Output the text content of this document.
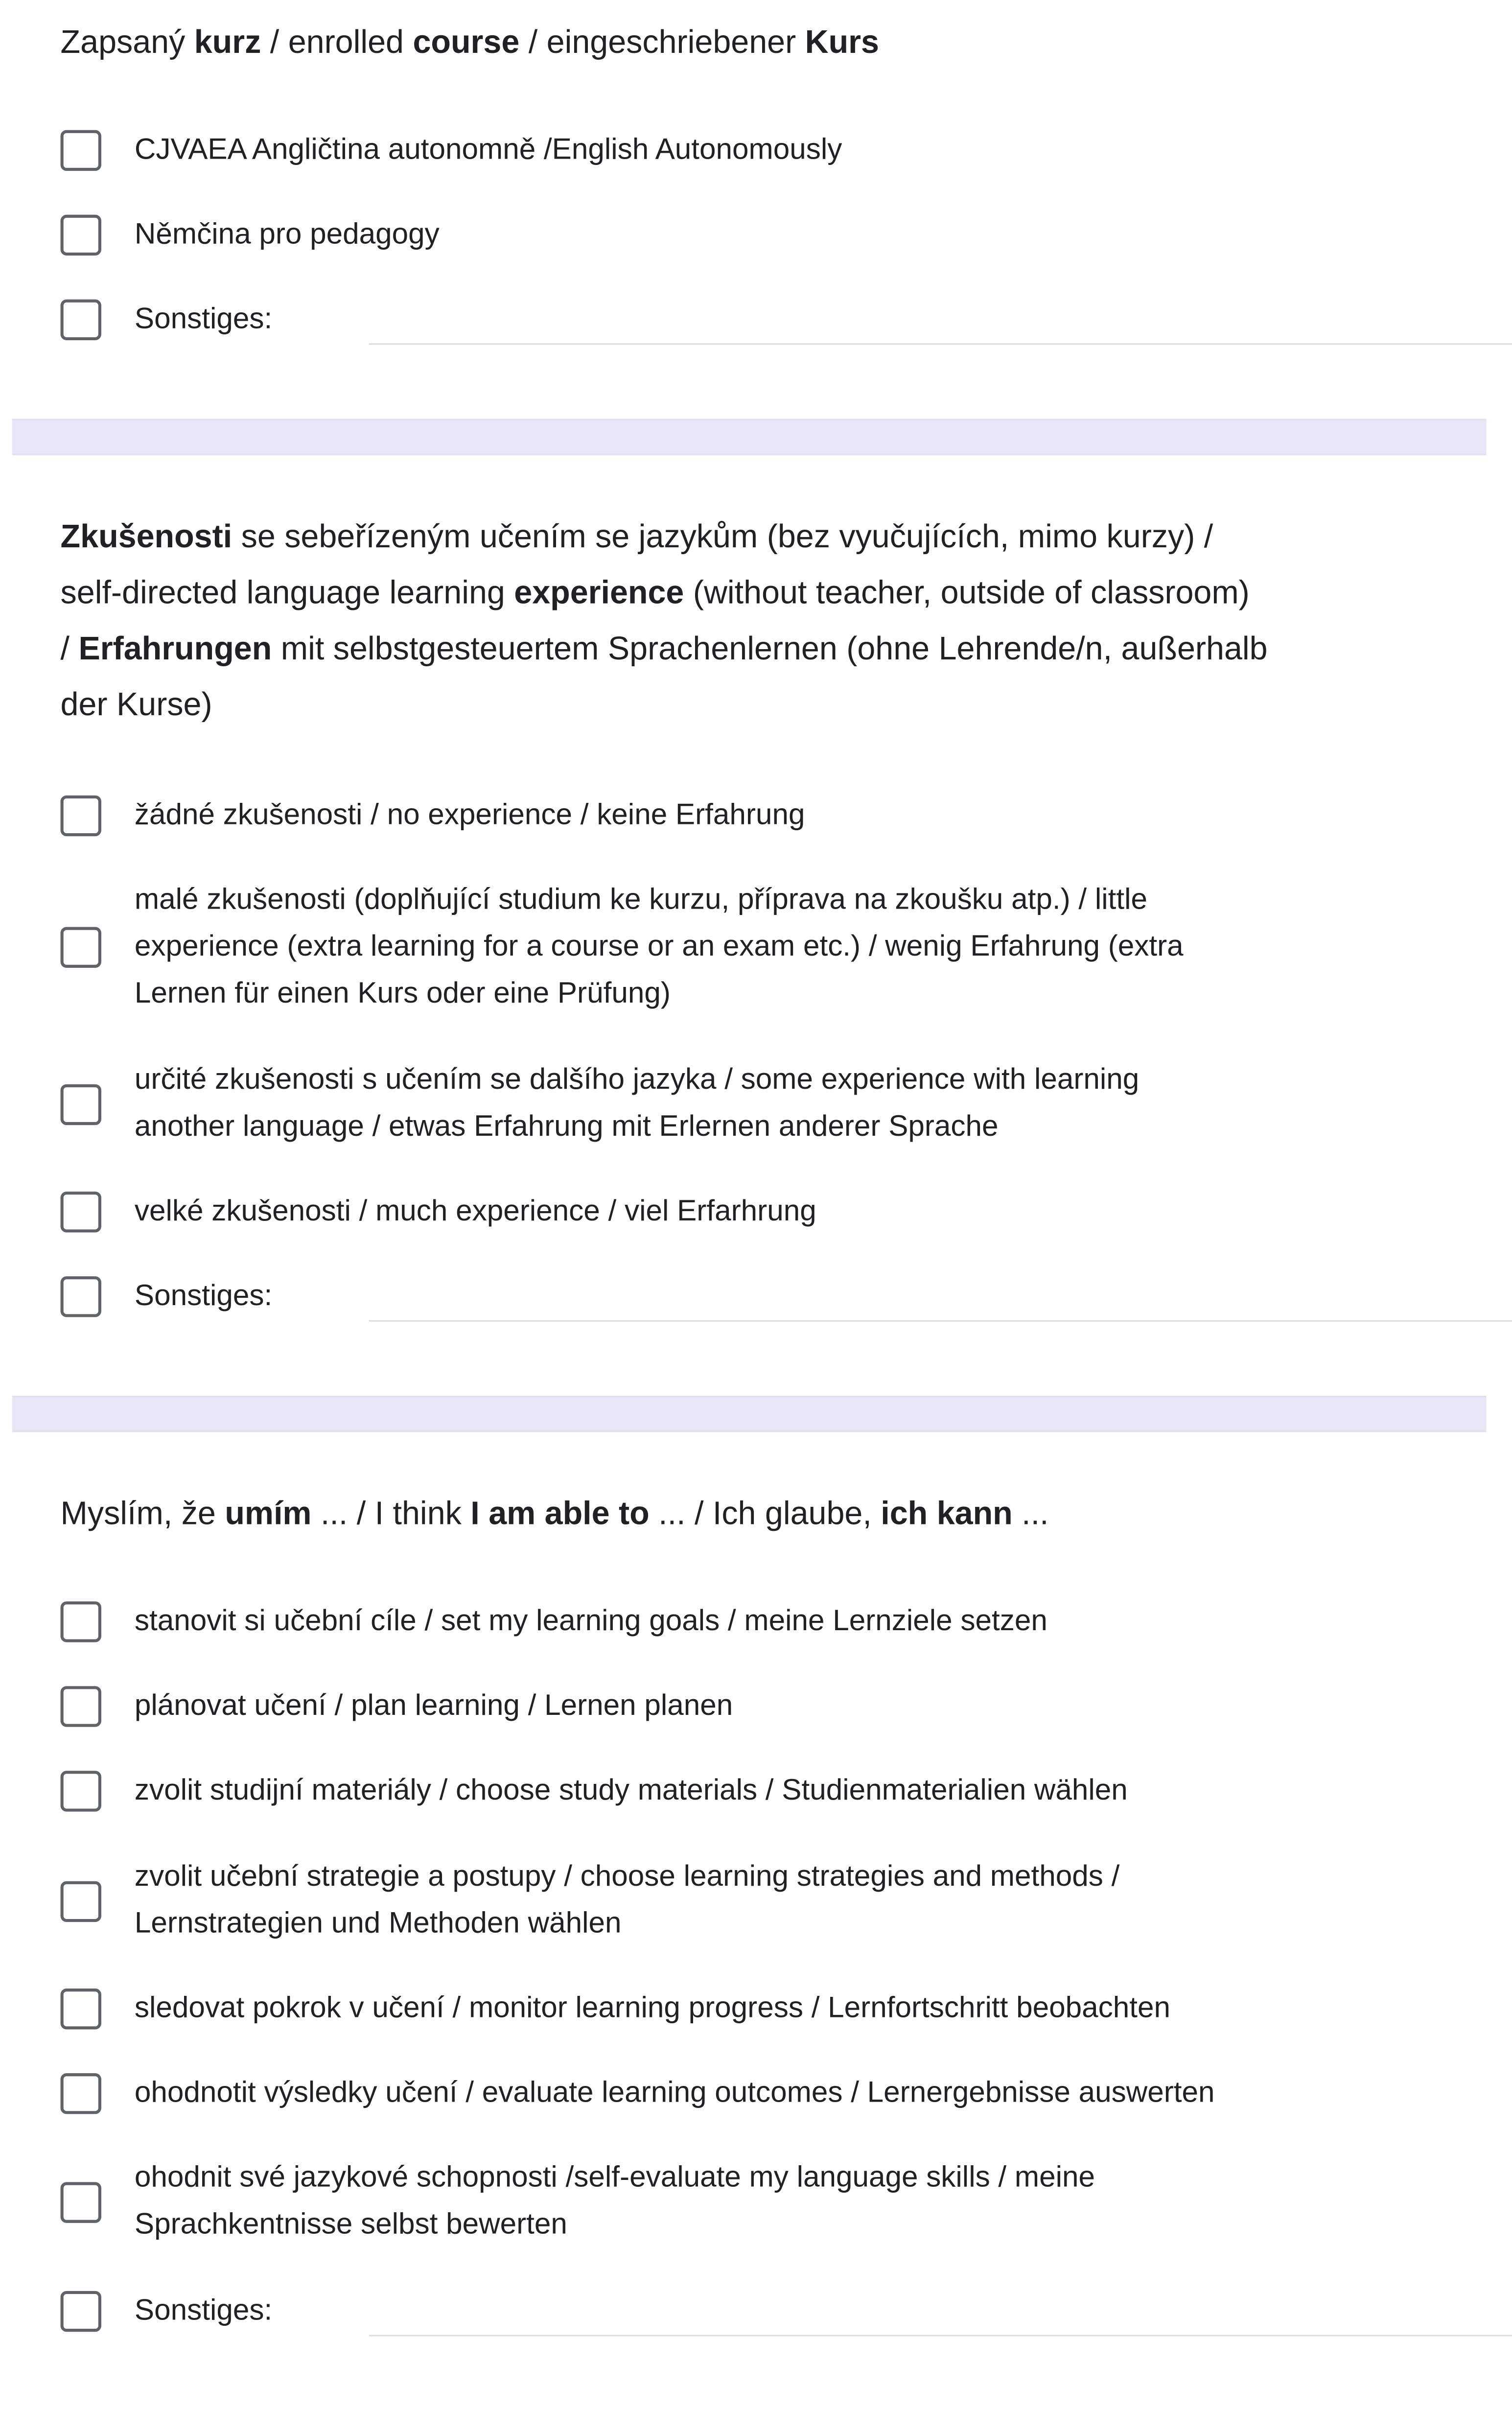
Zapsaný kurz / enrolled course / eingeschriebener Kurs

CJVAEA Angličtina autonomně /English Autonomously
Němčina pro pedagogy
Sonstiges:

Zkušenosti se sebeřízeným učením se jazykům (bez vyučujících, mimo kurzy) /
self-directed language learning experience (without teacher, outside of classroom)
/ Erfahrungen mit selbstgesteuertem Sprachenlernen (ohne Lehrende/n, außerhalb
der Kurse)

žádné zkušenosti / no experience / keine Erfahrung
malé zkušenosti (doplňující studium ke kurzu, příprava na zkoušku atp.) / little
experience (extra learning for a course or an exam etc.) / wenig Erfahrung (extra
Lernen für einen Kurs oder eine Prüfung)
určité zkušenosti s učením se dalšího jazyka / some experience with learning
another language / etwas Erfahrung mit Erlernen anderer Sprache
velké zkušenosti / much experience / viel Erfarhrung
Sonstiges:

Myslím, že umím ... / I think I am able to ... / Ich glaube, ich kann ...

stanovit si učební cíle / set my learning goals / meine Lernziele setzen
plánovat učení / plan learning / Lernen planen
zvolit studijní materiály / choose study materials / Studienmaterialien wählen
zvolit učební strategie a postupy / choose learning strategies and methods /
Lernstrategien und Methoden wählen
sledovat pokrok v učení / monitor learning progress / Lernfortschritt beobachten
ohodnotit výsledky učení / evaluate learning outcomes / Lernergebnisse auswerten
ohodnit své jazykové schopnosti /self-evaluate my language skills / meine
Sprachkentnisse selbst bewerten
Sonstiges:
